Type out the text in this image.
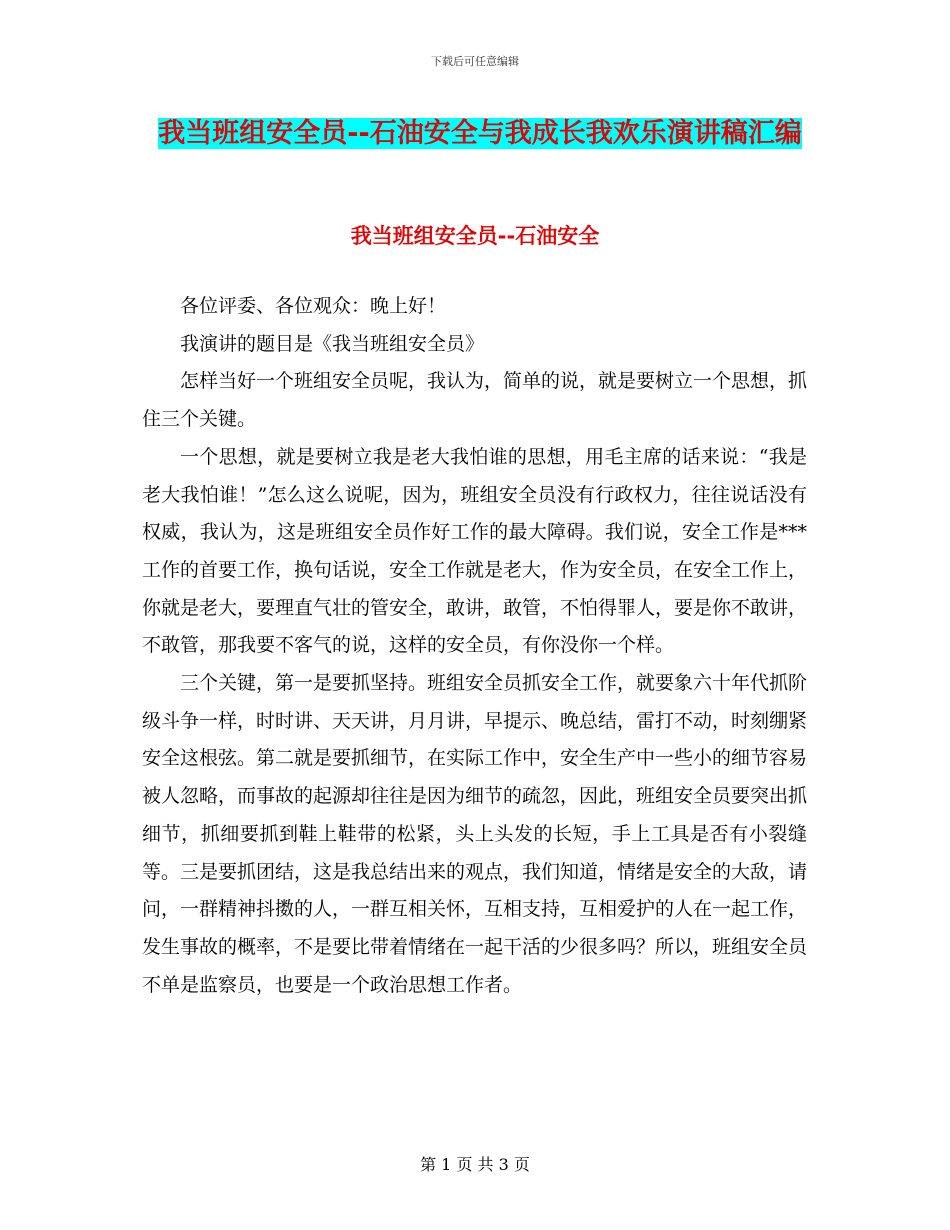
下载后可任意编辑
我当班组安全员--石油安全与我成长我欢乐演讲稿汇编
我当班组安全员--石油安全

各位评委、各位观众：晚上好！

我演讲的题目是《我当班组安全员》

怎样当好一个班组安全员呢，我认为，简单的说，就是要树立一个思想，抓住三个关键。

一个思想，就是要树立我是老大我怕谁的思想，用毛主席的话来说：“我是老大我怕谁！”怎么这么说呢，因为，班组安全员没有行政权力，往往说话没有权威，我认为，这是班组安全员作好工作的最大障碍。我们说，安全工作是***工作的首要工作，换句话说，安全工作就是老大，作为安全员，在安全工作上，你就是老大，要理直气壮的管安全，敢讲，敢管，不怕得罪人，要是你不敢讲，不敢管，那我要不客气的说，这样的安全员，有你没你一个样。

三个关键，第一是要抓坚持。班组安全员抓安全工作，就要象六十年代抓阶级斗争一样，时时讲、天天讲，月月讲，早提示、晚总结，雷打不动，时刻绷紧安全这根弦。第二就是要抓细节，在实际工作中，安全生产中一些小的细节容易被人忽略，而事故的起源却往往是因为细节的疏忽，因此，班组安全员要突出抓细节，抓细要抓到鞋上鞋带的松紧，头上头发的长短，手上工具是否有小裂缝等。三是要抓团结，这是我总结出来的观点，我们知道，情绪是安全的大敌，请问，一群精神抖擞的人，一群互相关怀，互相支持，互相爱护的人在一起工作，发生事故的概率，不是要比带着情绪在一起干活的少很多吗？所以，班组安全员不单是监察员，也要是一个政治思想工作者。

第 1 页 共 3 页
